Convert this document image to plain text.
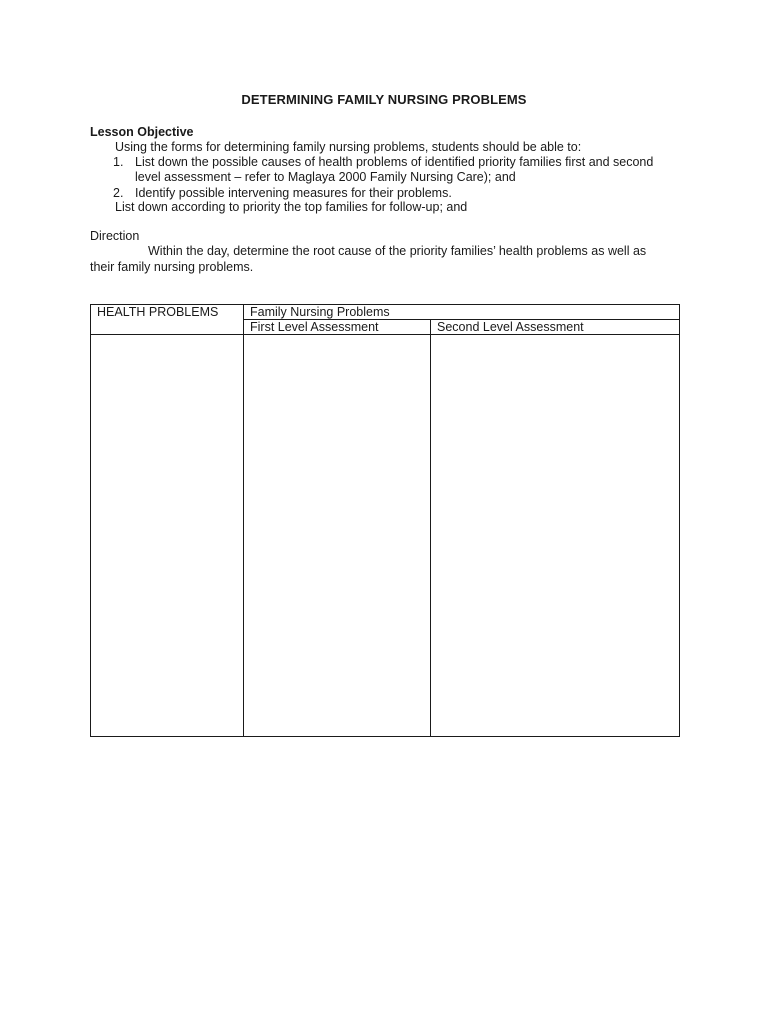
DETERMINING FAMILY NURSING PROBLEMS
Lesson Objective
Using the forms for determining family nursing problems, students should be able to:
1. List down the possible causes of health problems of identified priority families first and second
level assessment – refer to Maglaya 2000 Family Nursing Care); and
2. Identify possible intervening measures for their problems.
List down according to priority the top families for follow-up; and
Direction
Within the day, determine the root cause of the priority families’ health problems as well as their family nursing problems.
HEALTH PROBLEMS	Family Nursing Problems	
	First Level Assessment	Second Level Assessment
